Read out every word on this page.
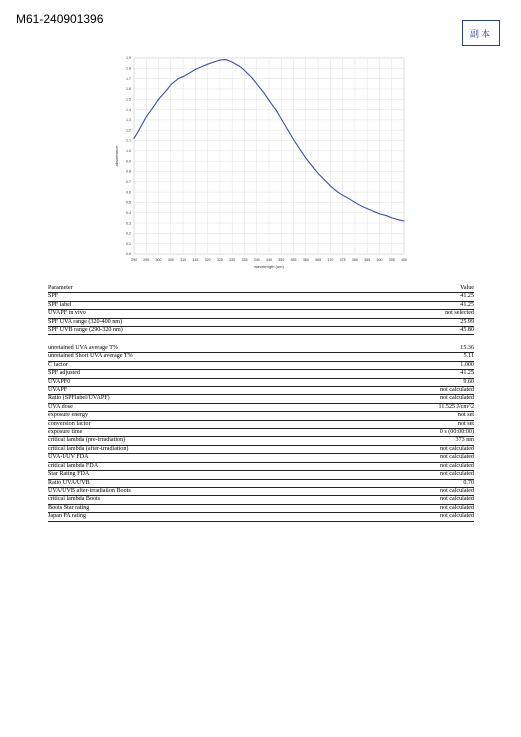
M61-240901396
副本
290 295 300 305 310 315 320 325 330 335 340 345 350 355 360 365 370 375 380 385 390 395 400
0.0
0.1
0.2
0.3
0.4
0.5
0.6
0.7
0.8
0.9
1.0
1.1
1.2
1.3
1.4
1.5
1.6
1.7
1.8
1.9
wavelength (nm)
absorbance
Parameter	Value
SPF	41.25
SPF label	41.25
UVAPF in vivo	not selected
SPF UVA range (320-400 nm)	25.99
SPF UVB range (290-320 nm)	45.80
unretained UVA average T%	15.36
unretained Short UVA average T%	5.11
C factor	1.000
SPF adjusted	41.25
UVAPF0	9.60
UVAPF	not calculated
Ratio (SPFlabel/UVAPF)	not calculated
UVA dose	11.525 J/cm^2
exposure energy	not set
conversion factor	not set
exposure time	0 s (00:00:00)
critical lambda (pre-irradiation)	373 nm
critical lambda (after-irradiation)	not calculated
UVA-I/UV FDA	not calculated
critical lambda FDA	not calculated
Star Rating FDA	not calculated
Ratio UVA/UVB	0.70
UVA/UVB after-irradiation Boots	not calculated
critical lambda Boots	not calculated
Boots Star rating	not calculated
Japan PA rating	not calculated
